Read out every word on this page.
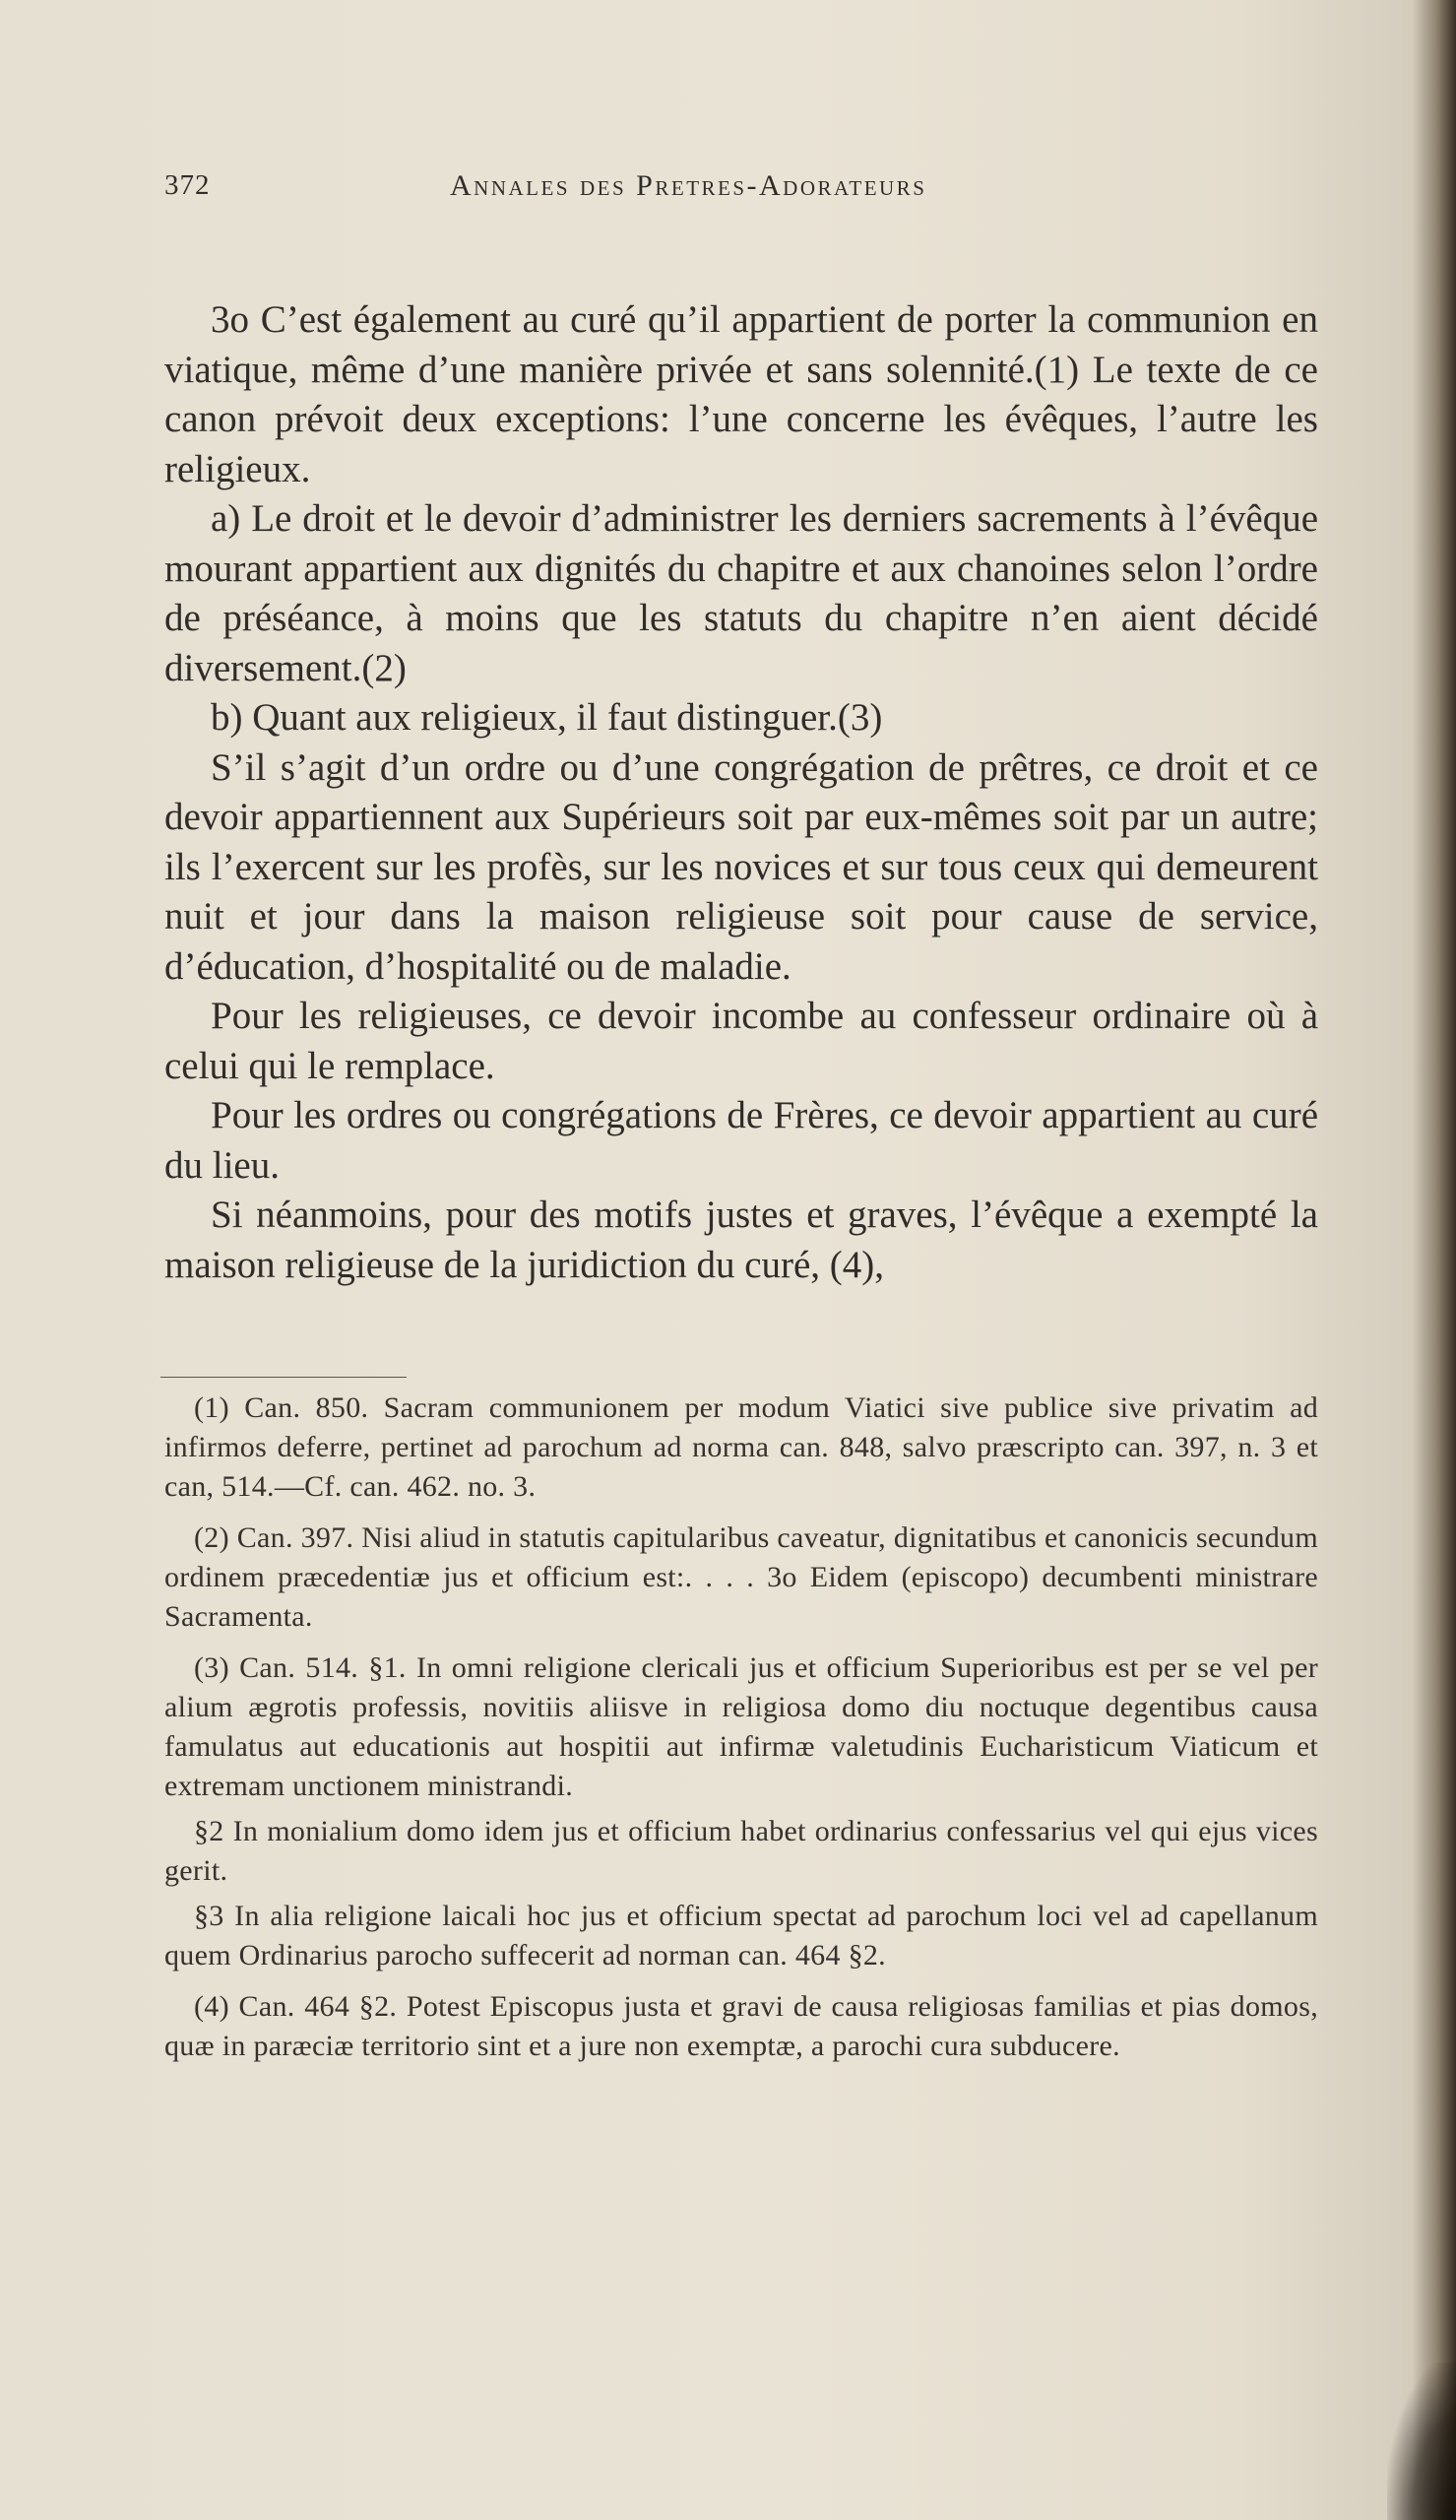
372	Annales des Pretres-Adorateurs

3o C’est également au curé qu’il appartient de porter la communion en viatique, même d’une manière privée et sans solennité.(1) Le texte de ce canon prévoit deux exceptions: l’une concerne les évêques, l’autre les religieux.

a) Le droit et le devoir d’administrer les derniers sacrements à l’évêque mourant appartient aux dignités du chapitre et aux chanoines selon l’ordre de préséance, à moins que les statuts du chapitre n’en aient décidé diversement.(2)

b) Quant aux religieux, il faut distinguer.(3)

S’il s’agit d’un ordre ou d’une congrégation de prêtres, ce droit et ce devoir appartiennent aux Supérieurs soit par eux-mêmes soit par un autre; ils l’exercent sur les profès, sur les novices et sur tous ceux qui demeurent nuit et jour dans la maison religieuse soit pour cause de service, d’éducation, d’hospitalité ou de maladie.

Pour les religieuses, ce devoir incombe au confesseur ordinaire où à celui qui le remplace.

Pour les ordres ou congrégations de Frères, ce devoir appartient au curé du lieu.

Si néanmoins, pour des motifs justes et graves, l’évêque a exempté la maison religieuse de la juridiction du curé, (4),

(1) Can. 850. Sacram communionem per modum Viatici sive publice sive privatim ad infirmos deferre, pertinet ad parochum ad norma can. 848, salvo præscripto can. 397, n. 3 et can, 514.—Cf. can. 462. no. 3.

(2) Can. 397. Nisi aliud in statutis capitularibus caveatur, dignitatibus et canonicis secundum ordinem præcedentiæ jus et officium est:. . . . 3o Eidem (episcopo) decumbenti ministrare Sacramenta.

(3) Can. 514. §1. In omni religione clericali jus et officium Superioribus est per se vel per alium ægrotis professis, novitiis aliisve in religiosa domo diu noctuque degentibus causa famulatus aut educationis aut hospitii aut infirmæ valetudinis Eucharisticum Viaticum et extremam unctionem ministrandi.

§2 In monialium domo idem jus et officium habet ordinarius confessarius vel qui ejus vices gerit.

§3 In alia religione laicali hoc jus et officium spectat ad parochum loci vel ad capellanum quem Ordinarius parocho suffecerit ad norman can. 464 §2.

(4) Can. 464 §2. Potest Episcopus justa et gravi de causa religiosas familias et pias domos, quæ in paræciæ territorio sint et a jure non exemptæ, a parochi cura subducere.
